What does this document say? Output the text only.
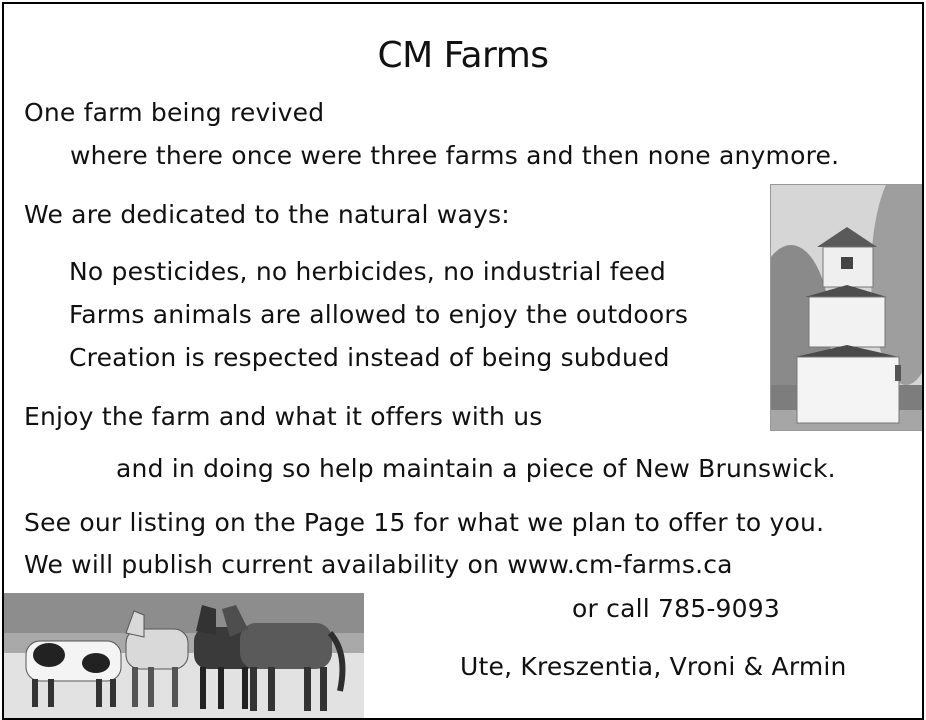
CM Farms
One farm being revived
where there once were three farms and then none anymore.
We are dedicated to the natural ways:
No pesticides, no herbicides, no industrial feed
Farms animals are allowed to enjoy the outdoors
Creation is respected instead of being subdued
Enjoy the farm and what it offers with us
and in doing so help maintain a piece of New Brunswick.
See our listing on the Page 15 for what we plan to offer to you.
We will publish current availability on www.cm-farms.ca
or call 785-9093
Ute, Kreszentia, Vroni & Armin
